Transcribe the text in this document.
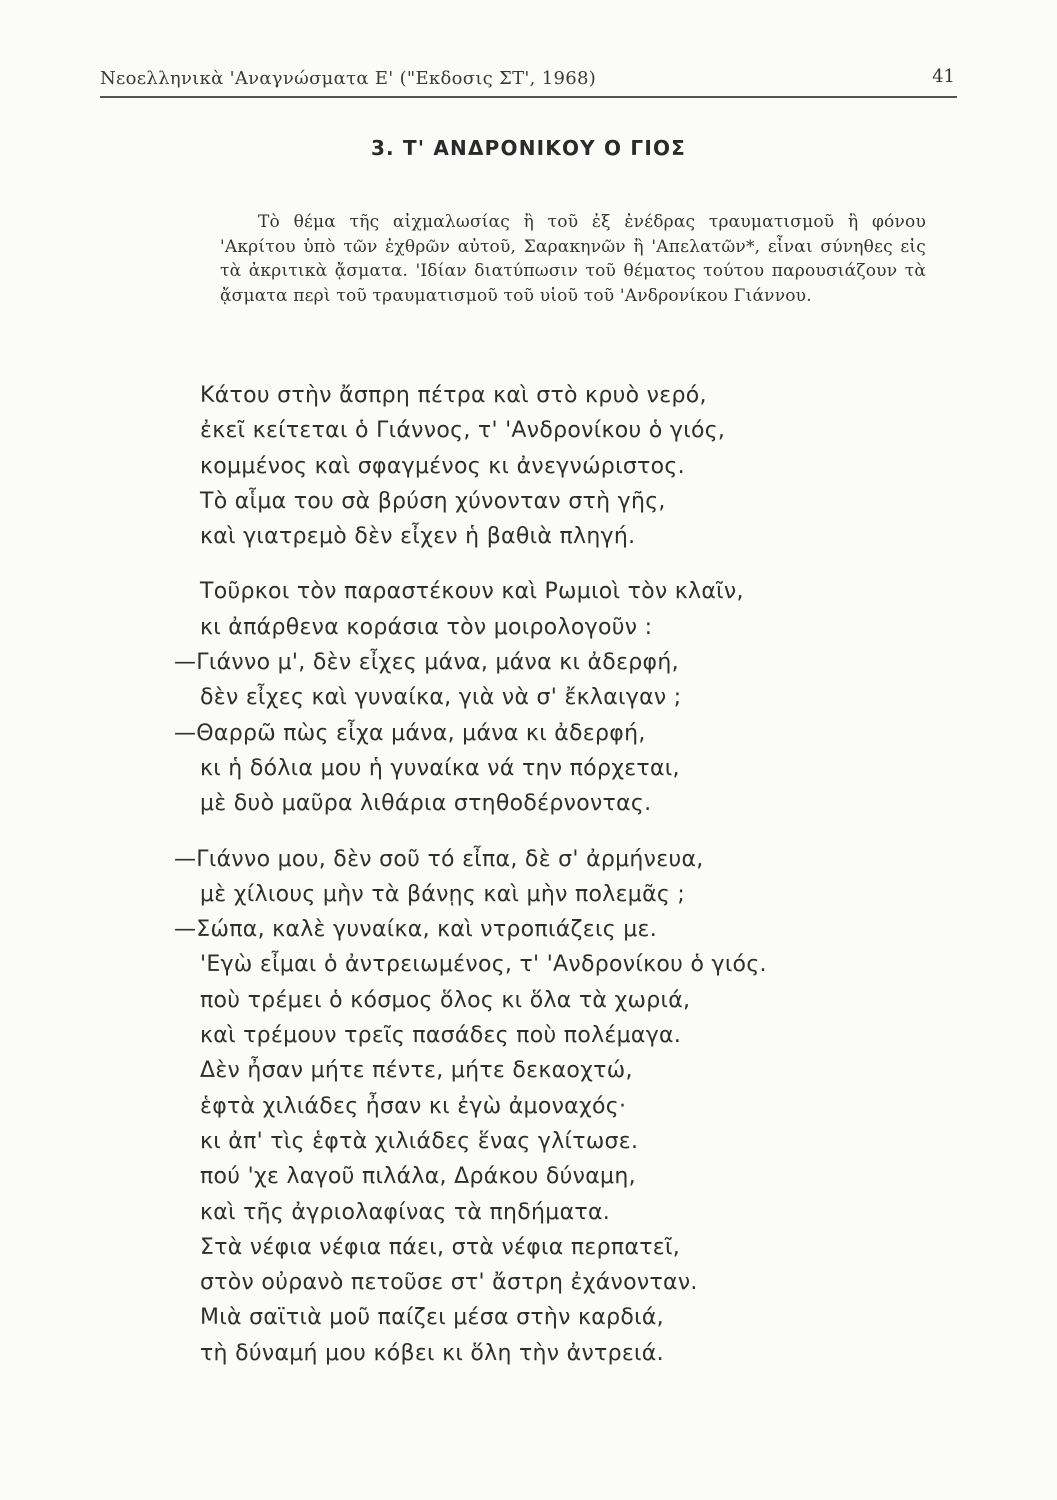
Νεοελληνικὰ 'Αναγνώσματα Ε' ("Εκδοσις ΣΤ', 1968)	41
3. Τ' ΑΝΔΡΟΝΙΚΟΥ Ο ΓΙΟΣ

Τὸ θέμα τῆς αἰχμαλωσίας ἢ τοῦ ἐξ ἐνέδρας τραυματισμοῦ ἢ φόνου 'Ακρίτου ὑπὸ τῶν ἐχθρῶν αὐτοῦ, Σαρακηνῶν ἢ 'Απελατῶν*, εἶναι σύνηθες εἰς τὰ ἀκριτικὰ ᾄσματα. 'Ιδίαν διατύπωσιν τοῦ θέματος τούτου παρουσιάζουν τὰ ᾄσματα περὶ τοῦ τραυματισμοῦ τοῦ υἱοῦ τοῦ 'Ανδρονίκου Γιάννου.

Κάτου στὴν ἄσπρη πέτρα καὶ στὸ κρυὸ νερό,
ἐκεῖ κείτεται ὁ Γιάννος, τ' 'Ανδρονίκου ὁ γιός,
κομμένος καὶ σφαγμένος κι ἀνεγνώριστος.
Τὸ αἷμα του σὰ βρύση χύνονταν στὴ γῆς,
καὶ γιατρεμὸ δὲν εἶχεν ἡ βαθιὰ πληγή.
Τοῦρκοι τὸν παραστέκουν καὶ Ρωμιοὶ τὸν κλαῖν,
κι ἀπάρθενα κοράσια τὸν μοιρολογοῦν :
—Γιάννο μ', δὲν εἶχες μάνα, μάνα κι ἀδερφή,
δὲν εἶχες καὶ γυναίκα, γιὰ νὰ σ' ἔκλαιγαν ;
—Θαρρῶ πὼς εἶχα μάνα, μάνα κι ἀδερφή,
κι ἡ δόλια μου ἡ γυναίκα νά την πόρχεται,
μὲ δυὸ μαῦρα λιθάρια στηθοδέρνοντας.
—Γιάννο μου, δὲν σοῦ τό εἶπα, δὲ σ' ἀρμήνευα,
μὲ χίλιους μὴν τὰ βάνῃς καὶ μὴν πολεμᾶς ;
—Σώπα, καλὲ γυναίκα, καὶ ντροπιάζεις με.
'Εγὼ εἶμαι ὁ ἀντρειωμένος, τ' 'Ανδρονίκου ὁ γιός.
ποὺ τρέμει ὁ κόσμος ὅλος κι ὅλα τὰ χωριά,
καὶ τρέμουν τρεῖς πασάδες ποὺ πολέμαγα.
Δὲν ἦσαν μήτε πέντε, μήτε δεκαοχτώ,
ἑφτὰ χιλιάδες ἦσαν κι ἐγὼ ἀμοναχός·
κι ἀπ' τὶς ἑφτὰ χιλιάδες ἕνας γλίτωσε.
πού 'χε λαγοῦ πιλάλα, Δράκου δύναμη,
καὶ τῆς ἀγριολαφίνας τὰ πηδήματα.
Στὰ νέφια νέφια πάει, στὰ νέφια περπατεῖ,
στὸν οὐρανὸ πετοῦσε στ' ἄστρη ἐχάνονταν.
Μιὰ σαϊτιὰ μοῦ παίζει μέσα στὴν καρδιά,
τὴ δύναμή μου κόβει κι ὅλη τὴν ἀντρειά.
